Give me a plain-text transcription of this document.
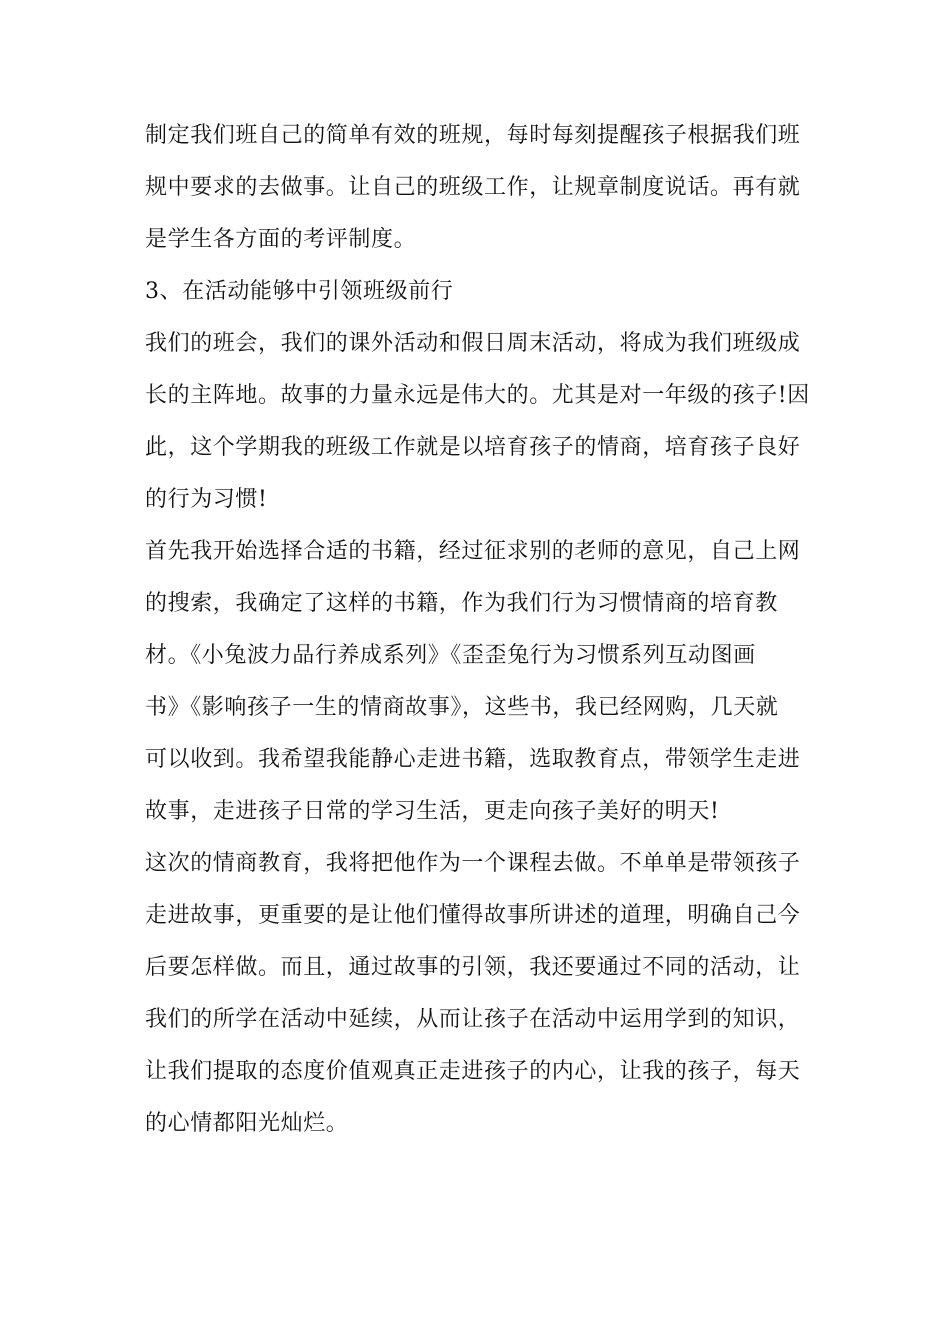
制定我们班自己的简单有效的班规，每时每刻提醒孩子根据我们班
规中要求的去做事。让自己的班级工作，让规章制度说话。再有就
是学生各方面的考评制度。
3、在活动能够中引领班级前行
我们的班会，我们的课外活动和假日周末活动，将成为我们班级成
长的主阵地。故事的力量永远是伟大的。尤其是对一年级的孩子!因
此，这个学期我的班级工作就是以培育孩子的情商，培育孩子良好
的行为习惯!
首先我开始选择合适的书籍，经过征求别的老师的意见，自己上网
的搜索，我确定了这样的书籍，作为我们行为习惯情商的培育教
材。《小兔波力品行养成系列》《歪歪兔行为习惯系列互动图画
书》《影响孩子一生的情商故事》，这些书，我已经网购，几天就
可以收到。我希望我能静心走进书籍，选取教育点，带领学生走进
故事，走进孩子日常的学习生活，更走向孩子美好的明天!
这次的情商教育，我将把他作为一个课程去做。不单单是带领孩子
走进故事，更重要的是让他们懂得故事所讲述的道理，明确自己今
后要怎样做。而且，通过故事的引领，我还要通过不同的活动，让
我们的所学在活动中延续，从而让孩子在活动中运用学到的知识，
让我们提取的态度价值观真正走进孩子的内心，让我的孩子，每天
的心情都阳光灿烂。
